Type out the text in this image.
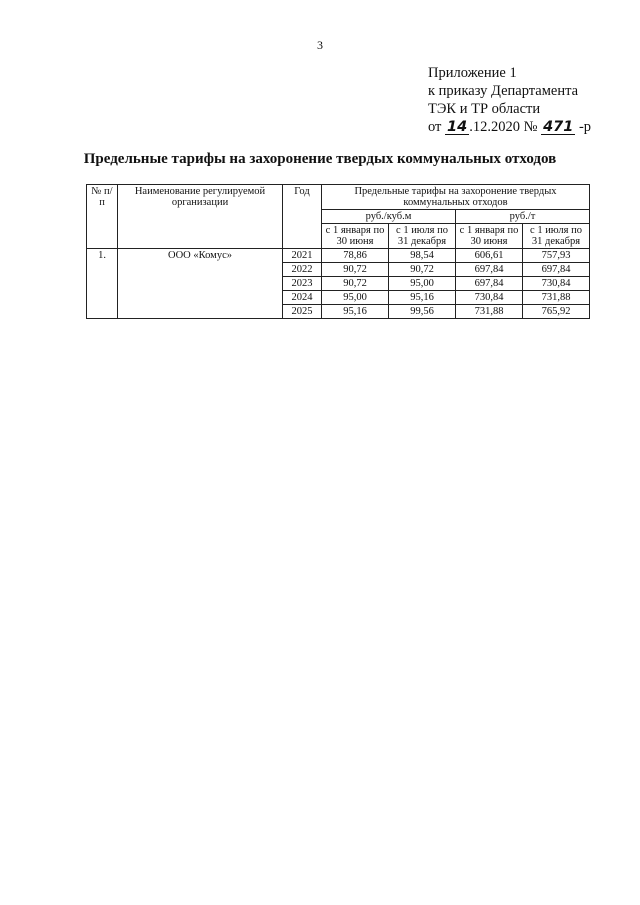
3
Приложение 1
к приказу Департамента
ТЭК и ТР области
от 14 .12.2020 № 471 -р
Предельные тарифы на захоронение твердых коммунальных отходов
№ п/п	Наименование регулируемой организации	Год	Предельные тарифы на захоронение твердых коммунальных отходов			
			руб./куб.м		руб./т	
			с 1 января по 30 июня	с 1 июля по 31 декабря	с 1 января по 30 июня	с 1 июля по 31 декабря
1.	ООО «Комус»	2021	78,86	98,54	606,61	757,93
		2022	90,72	90,72	697,84	697,84
		2023	90,72	95,00	697,84	730,84
		2024	95,00	95,16	730,84	731,88
		2025	95,16	99,56	731,88	765,92
